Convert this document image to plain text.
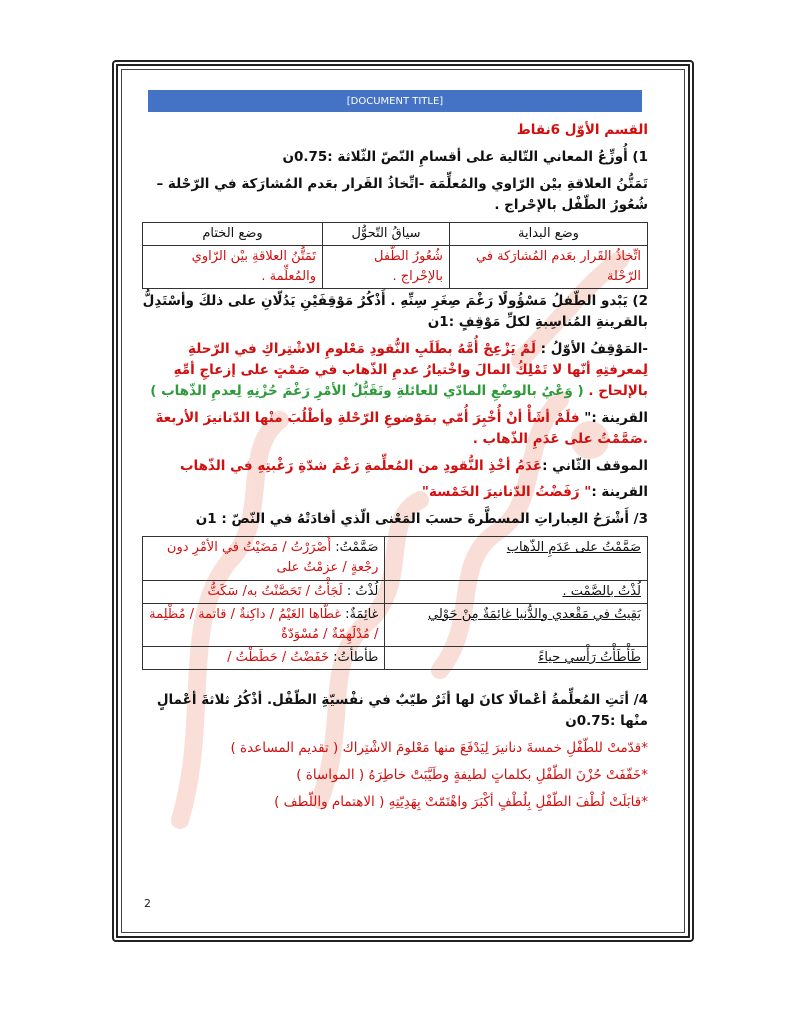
[DOCUMENT TITLE]
القسم الأوّل 6نقاط
1) أُوزِّعُ المعاني التّالية على أقسامِ النّصّ الثّلاثة :0.75ن
تَمَتُّنُ العلاقةِ بيْن الرّاوي والمُعلِّمَة -اتِّخاذُ القَرار بعَدم المُشارَكة في الرّحْلة – شُعُورُ الطّفْل بالإحْراج .
وضع البداية	سياقُ التّحوُّل	وضع الختام
اتِّخاذُ القَرار بعَدم المُشارَكة في الرّحْلة	شُعُورُ الطّفل بالإحْراج .	تَمَتُّنُ العلاقةِ بيْن الرّاوي والمُعلِّمة .
2) يَبْدو الطّفلُ مَسْؤُولًا رَغْمَ صِغَرِ سِنِّهِ . أَذْكُرُ مَوْقِفَيْنِ يَدُلّانِ على ذلكَ وأسْتَدِلُّ بالقرينةِ المُناسِبةِ لكلِّ مَوْقِفٍ :1ن
-المَوْقِفُ الأوّلُ : لَمْ يَزْعِجْ أُمَّهُ بطَلَبِ النُّقودِ مَعْلومِ الاشْتِراكِ في الرّحلةِ لِمعرفتِهِ أنّها لا تَمْلِكُ المالَ واخْتيارُ عدمِ الذّهاب في صَمْتٍ على إزعاجِ أمِّهِ بالإلحاح . ( وَعْيٌ بالوضْعِ المادّي للعائلةِ وتَقَبُّلُ الأمْرِ رَغْمَ حُزْنِهِ لِعدمِ الذّهاب )
القرينة :" فلَمْ أشَأْ أنْ أُخْبِرَ أُمّي بمَوْضوعِ الرّحْلةِ وأطْلُبَ منْها الدّنانيرَ الأربعةَ .صَمَّمْتُ على عَدَمِ الذّهاب .
الموقف الثّاني :عَدَمُ أخْذِ النُّقودِ من المُعلِّمةِ رَغْمَ شدّةِ رَغْبتِهِ في الذّهاب
القرينة :" رَفَضْتُ الدّنانيرَ الخَمْسة"
3/ أَشْرَحُ العِباراتِ المسطَّرةَ حسبَ المَعْنى الّذي أفادَتْهُ في النّصّ : 1ن
صَمَّمْتُ على عَدَمِ الذّهاب	صَمَّمْتُ: أَصْرَرْتُ / مَضَيْتُ في الأمْرِ دون رجْعةٍ / عزمْتُ على
لُذْتُ بالصَّمْت .	لُذْتُ : لَجَأْتُ / تَحَصَّنْتُ به/ سَكَتُّ
بَقِيتُ في مَقْعدي والدُّنيا غائِمَةٌ مِنْ حَوْلي	غائِمَةٌ: غطّاها الغَيْمُ / داكِنةٌ / قاتمة / مُظْلِمة / مُدْلَهِمّةٌ / مُسْوَدّةٌ
طَأْطَأْتُ رَأْسي حياءً	طأطأتُ: خَفَضْتُ / حَطَطْتُ /
4/ أتَتِ المُعلِّمةُ أعْمالًا كانَ لها أثَرٌ طيّبٌ في نفْسيّةِ الطّفْل. أذْكُرُ ثلاثةَ أعْمالٍ منْها :0.75ن
*قدّمتْ للطّفْلِ خمسةَ دنانيرَ لِيَدْفَعَ منها مَعْلومَ الاشْتِراك ( تقديم المساعدة )
*خَفّفَتْ حُزْنَ الطّفْلِ بكلماتٍ لطيفةٍ وطَيَّبَتْ خاطِرَهُ ( المواساة )
*قابَلَتْ لُطْفَ الطّفْلِ بِلُطْفٍ أكْبَرَ واهْتَمّتْ بِهَدِيّتِهِ ( الاهتمام واللّطف )
2
